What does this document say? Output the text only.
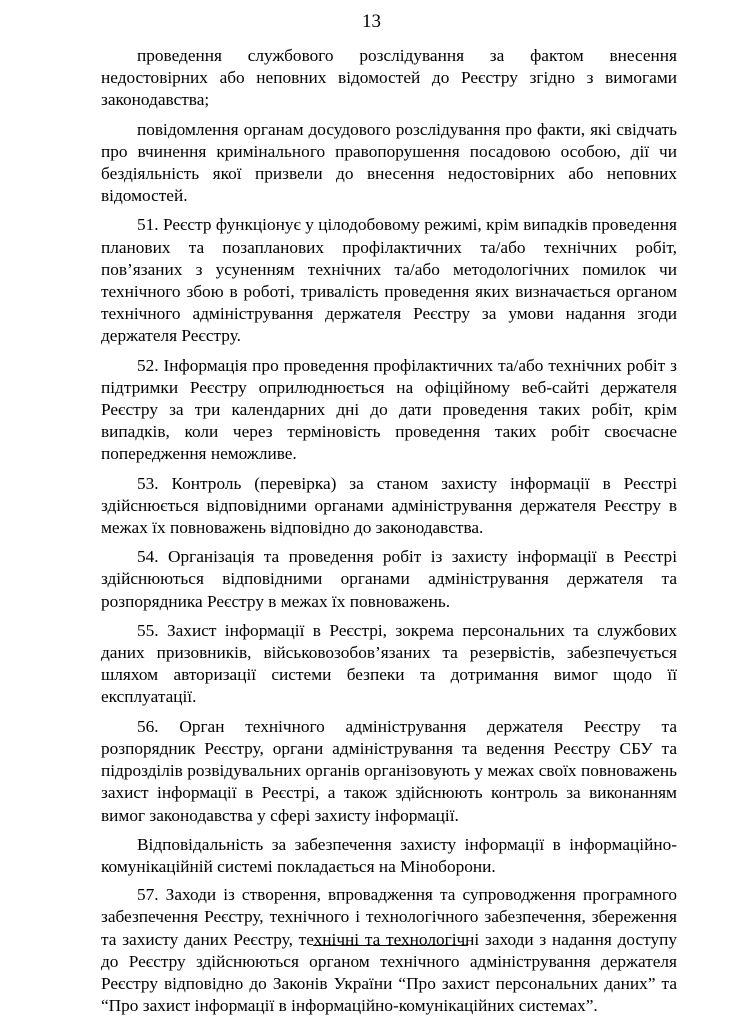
13

проведення службового розслідування за фактом внесення недостовірних або неповних відомостей до Реєстру згідно з вимогами законодавства;

повідомлення органам досудового розслідування про факти, які свідчать про вчинення кримінального правопорушення посадовою особою, дії чи бездіяльність якої призвели до внесення недостовірних або неповних відомостей.

51. Реєстр функціонує у цілодобовому режимі, крім випадків проведення планових та позапланових профілактичних та/або технічних робіт, пов’язаних з усуненням технічних та/або методологічних помилок чи технічного збою в роботі, тривалість проведення яких визначається органом технічного адміністрування держателя Реєстру за умови надання згоди держателя Реєстру.

52. Інформація про проведення профілактичних та/або технічних робіт з підтримки Реєстру оприлюднюється на офіційному веб-сайті держателя Реєстру за три календарних дні до дати проведення таких робіт, крім випадків, коли через терміновість проведення таких робіт своєчасне попередження неможливе.

53. Контроль (перевірка) за станом захисту інформації в Реєстрі здійснюється відповідними органами адміністрування держателя Реєстру в межах їх повноважень відповідно до законодавства.

54. Організація та проведення робіт із захисту інформації в Реєстрі здійснюються відповідними органами адміністрування держателя та розпорядника Реєстру в межах їх повноважень.

55. Захист інформації в Реєстрі, зокрема персональних та службових даних призовників, військовозобов’язаних та резервістів, забезпечується шляхом авторизації системи безпеки та дотримання вимог щодо її експлуатації.

56. Орган технічного адміністрування держателя Реєстру та розпорядник Реєстру, органи адміністрування та ведення Реєстру СБУ та підрозділів розвідувальних органів організовують у межах своїх повноважень захист інформації в Реєстрі, а також здійснюють контроль за виконанням вимог законодавства у сфері захисту інформації.

Відповідальність за забезпечення захисту інформації в інформаційно-комунікаційній системі покладається на Міноборони.

57. Заходи із створення, впровадження та супроводження програмного забезпечення Реєстру, технічного і технологічного забезпечення, збереження та захисту даних Реєстру, технічні та технологічні заходи з надання доступу до Реєстру здійснюються органом технічного адміністрування держателя Реєстру відповідно до Законів України “Про захист персональних даних” та “Про захист інформації в інформаційно-комунікаційних системах”.
